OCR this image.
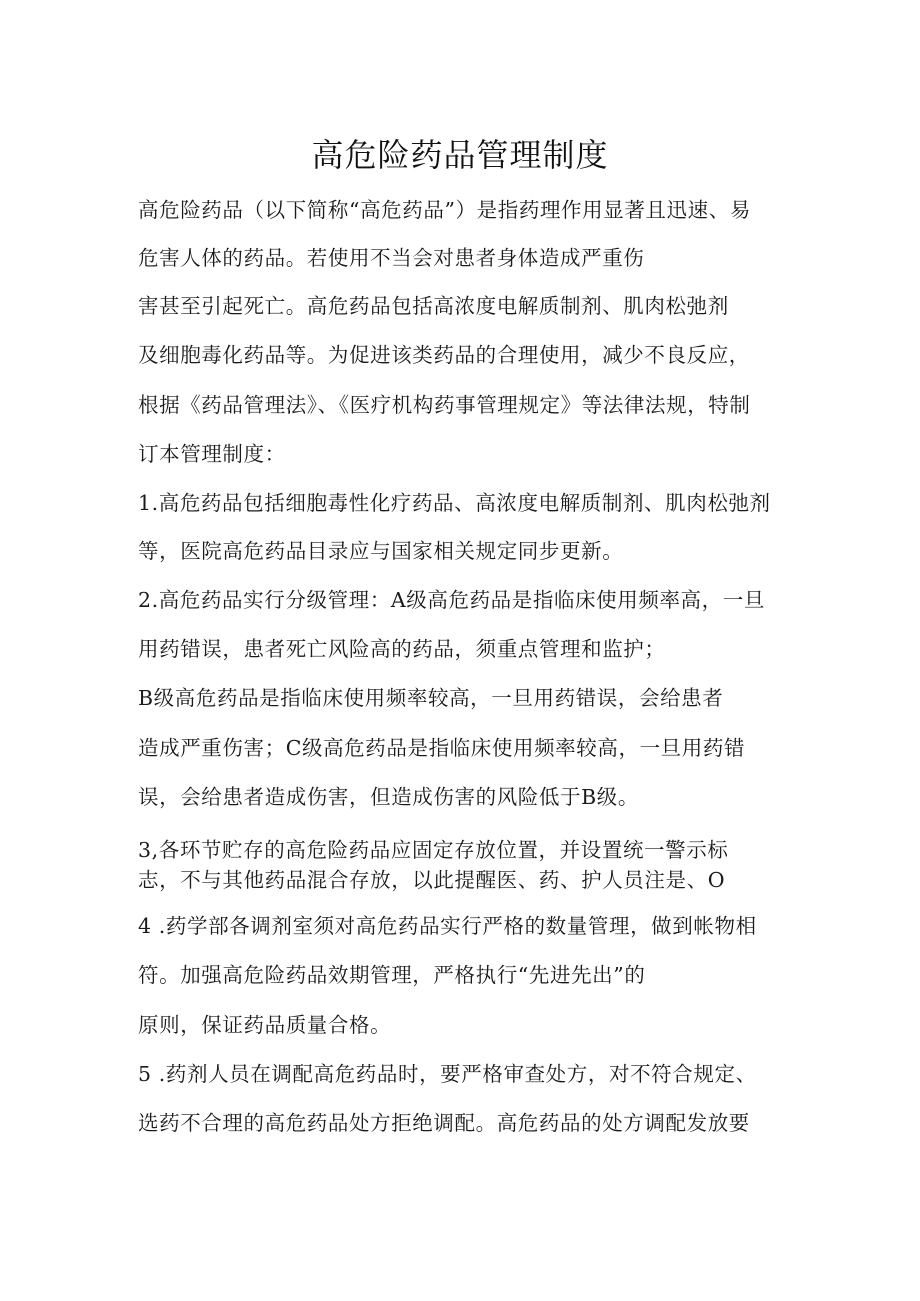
高危险药品管理制度

高危险药品（以下简称“高危药品”）是指药理作用显著且迅速、易

危害人体的药品。若使用不当会对患者身体造成严重伤

害甚至引起死亡。高危药品包括高浓度电解质制剂、肌肉松弛剂

及细胞毒化药品等。为促进该类药品的合理使用，减少不良反应，

根据《药品管理法》、《医疗机构药事管理规定》等法律法规，特制

订本管理制度：

1.高危药品包括细胞毒性化疗药品、高浓度电解质制剂、肌肉松弛剂

等，医院高危药品目录应与国家相关规定同步更新。

2.高危药品实行分级管理：A级高危药品是指临床使用频率高，一旦

用药错误，患者死亡风险高的药品，须重点管理和监护；

B级高危药品是指临床使用频率较高，一旦用药错误，会给患者

造成严重伤害；C级高危药品是指临床使用频率较高，一旦用药错

误，会给患者造成伤害，但造成伤害的风险低于B级。

3,各环节贮存的高危险药品应固定存放位置，并设置统一警示标

志，不与其他药品混合存放，以此提醒医、药、护人员注是、O

4 .药学部各调剂室须对高危药品实行严格的数量管理，做到帐物相

符。加强高危险药品效期管理，严格执行“先进先出”的

原则，保证药品质量合格。

5 .药剂人员在调配高危药品时，要严格审查处方，对不符合规定、

选药不合理的高危药品处方拒绝调配。高危药品的处方调配发放要
